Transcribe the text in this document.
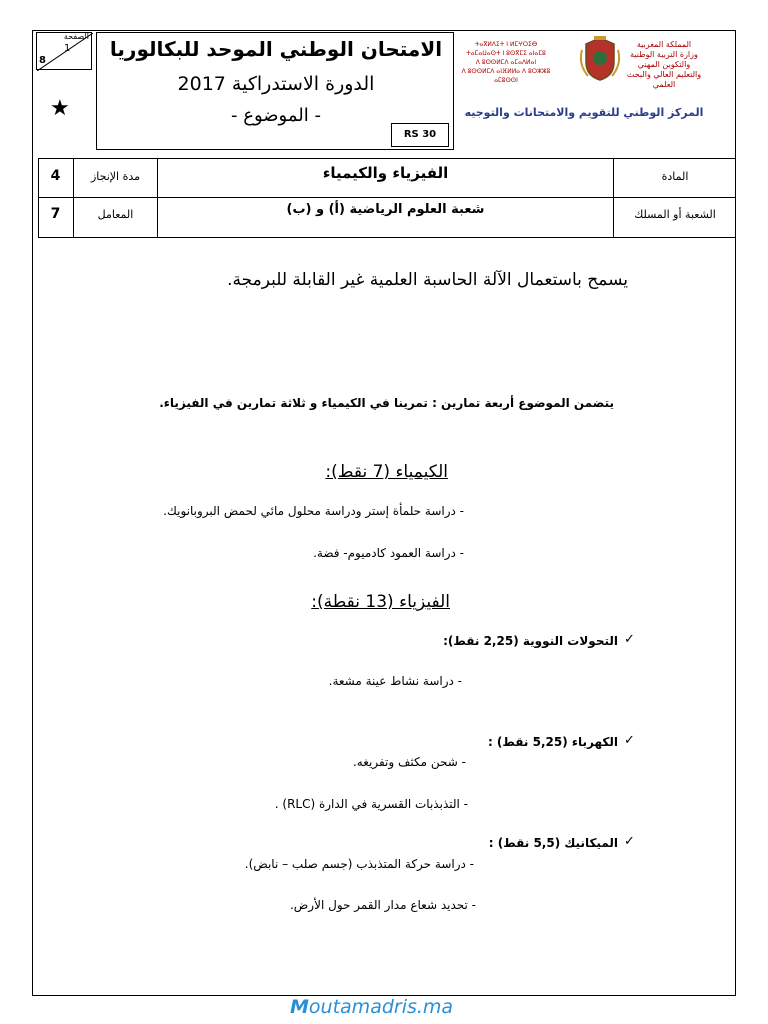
الصفحة
1
8
★
الامتحان الوطني الموحد للبكالوريا
الدورة الاستدراكية 2017
- الموضوع -
RS 30
ⵜⴰⴳⵍⴷⵉⵜ ⵏ ⵍⵎⵖⵔⵉⴱ
ⵜⴰⵎⴰⵡⴰⵙⵜ ⵏ ⵓⵙⴳⵎⵉ ⴰⵏⴰⵎⵓ
ⴷ ⵓⵙⵙⵍⵎⴷ ⴰⵎⴰⴷⵍⴰⵏ
ⴷ ⵓⵙⵙⵍⵎⴷ ⴰⵏⴼⵍⵍⴰ ⴷ ⵓⵔⵣⵣⵓ ⴰⵎⵓⵙⵙⵏ
المملكة المغربية
وزارة التربية الوطنية
والتكوين المهني
والتعليم العالي والبحث العلمي
المركز الوطني للتقويم والامتحانات والتوجيه
4	مدة الإنجاز	الفيزياء والكيمياء	المادة
7	المعامل	شعبة العلوم الرياضية (أ) و (ب)	الشعبة أو المسلك
يسمح باستعمال الآلة الحاسبة العلمية غير القابلة للبرمجة.
يتضمن الموضوع أربعة تمارين : تمرينا في الكيمياء و ثلاثة تمارين في الفيزياء.
الكيمياء (7 نقط):
- دراسة حلمأة إستر ودراسة محلول مائي لحمض البروبانويك.
- دراسة العمود كادميوم- فضة.
الفيزياء (13 نقطة):
✓
التحولات النووية (2,25 نقط):
- دراسة نشاط عينة مشعة.
✓
الكهرباء (5,25 نقط) :
- شحن مكثف وتفريغه.
- التذبذبات القسرية في الدارة (RLC) .
✓
الميكانيك (5,5 نقط) :
- دراسة حركة المتذبذب (جسم صلب – نابض).
- تحديد شعاع مدار القمر حول الأرض.
Moutamadris.ma
